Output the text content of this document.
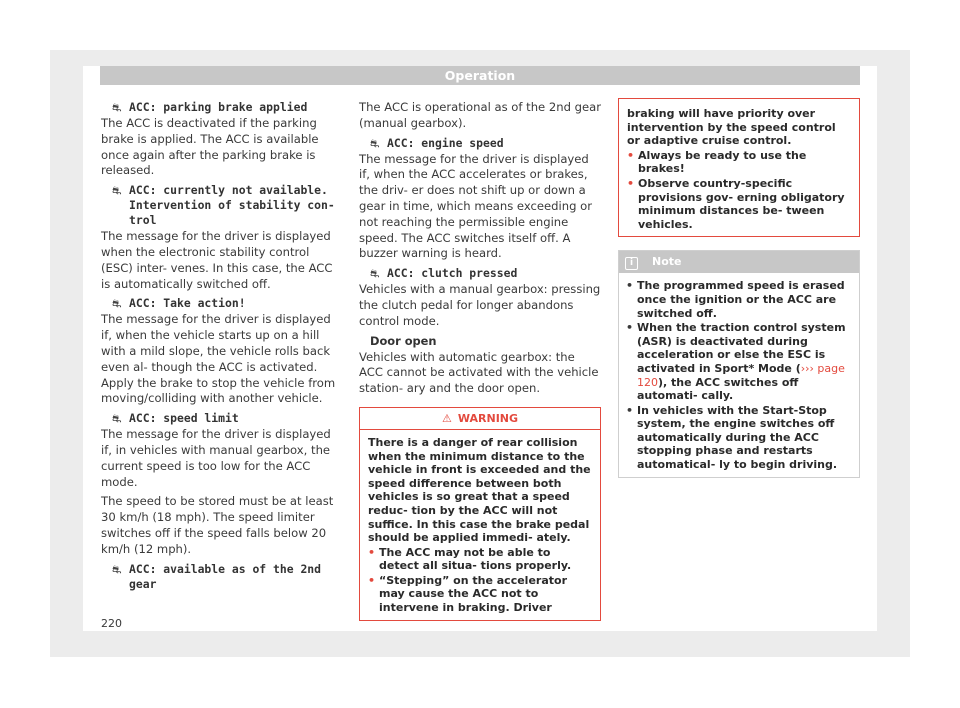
Operation
⛐ ACC: parking brake applied

The ACC is deactivated if the parking brake is applied. The ACC is available once again after the parking brake is released.

⛐ ACC: currently not available. Intervention of stability con- trol

The message for the driver is displayed when the electronic stability control (ESC) inter- venes. In this case, the ACC is automatically switched off.

⛐ ACC: Take action!

The message for the driver is displayed if, when the vehicle starts up on a hill with a mild slope, the vehicle rolls back even al- though the ACC is activated. Apply the brake to stop the vehicle from moving/colliding with another vehicle.

⛐ ACC: speed limit

The message for the driver is displayed if, in vehicles with manual gearbox, the current speed is too low for the ACC mode.

The speed to be stored must be at least 30 km/h (18 mph). The speed limiter switches off if the speed falls below 20 km/h (12 mph).

⛐ ACC: available as of the 2nd gear

The ACC is operational as of the 2nd gear (manual gearbox).

⛐ ACC: engine speed

The message for the driver is displayed if, when the ACC accelerates or brakes, the driv- er does not shift up or down a gear in time, which means exceeding or not reaching the permissible engine speed. The ACC switches itself off. A buzzer warning is heard.

⛐ ACC: clutch pressed

Vehicles with a manual gearbox: pressing the clutch pedal for longer abandons control mode.

Door open

Vehicles with automatic gearbox: the ACC cannot be activated with the vehicle station- ary and the door open.

⚠ WARNING
There is a danger of rear collision when the minimum distance to the vehicle in front is exceeded and the speed difference between both vehicles is so great that a speed reduc- tion by the ACC will not suffice. In this case the brake pedal should be applied immedi- ately.
• The ACC may not be able to detect all situa- tions properly.
• “Stepping” on the accelerator may cause the ACC not to intervene in braking. Driver
braking will have priority over intervention by the speed control or adaptive cruise control.
• Always be ready to use the brakes!
• Observe country-specific provisions gov- erning obligatory minimum distances be- tween vehicles.
i Note
• The programmed speed is erased once the ignition or the ACC are switched off.
• When the traction control system (ASR) is deactivated during acceleration or else the ESC is activated in Sport* Mode (››› page 120), the ACC switches off automati- cally.
• In vehicles with the Start-Stop system, the engine switches off automatically during the ACC stopping phase and restarts automatical- ly to begin driving.
220
